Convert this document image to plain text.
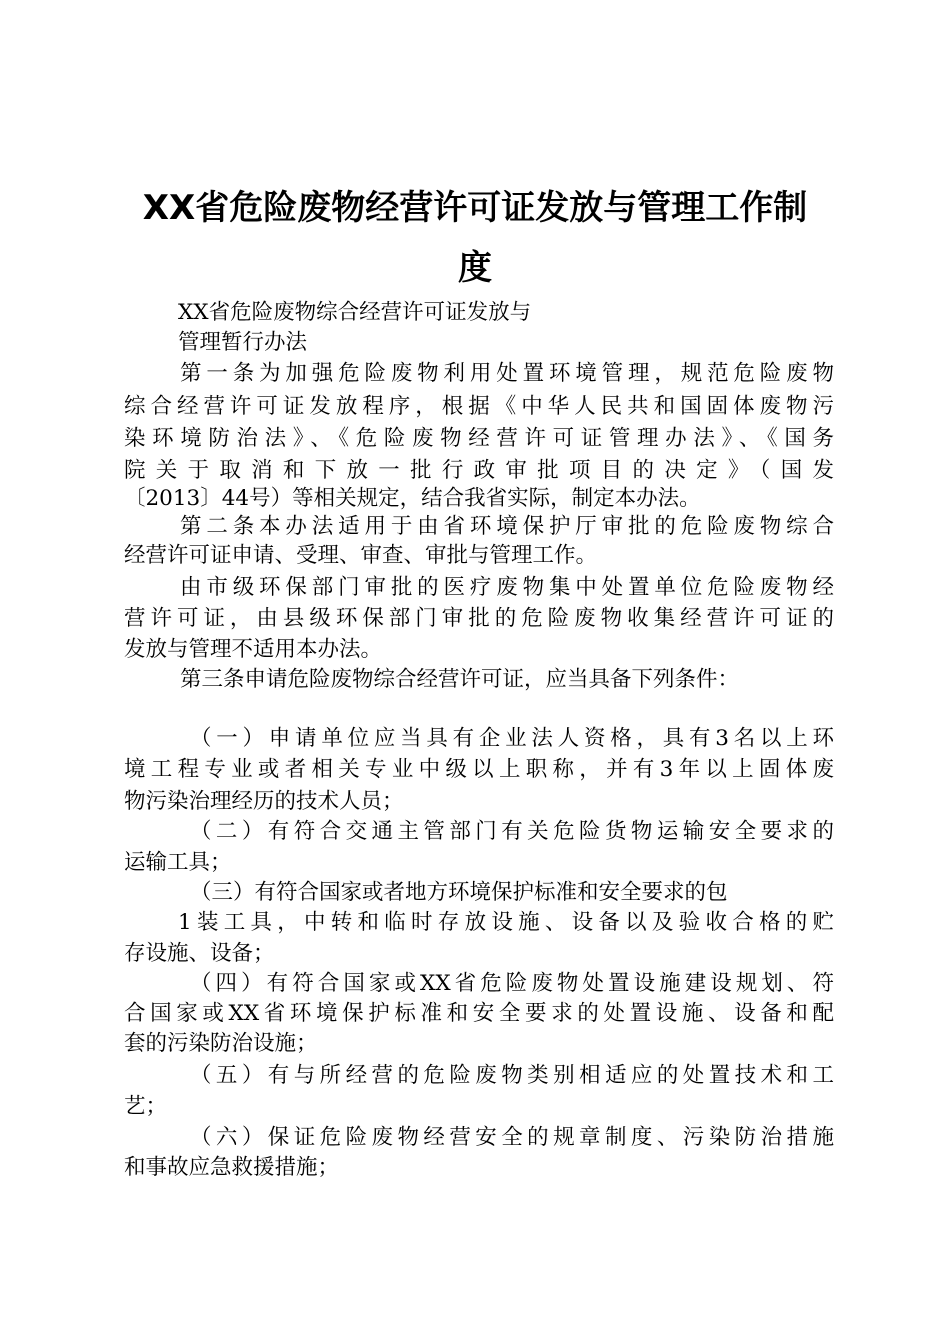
XX省危险废物经营许可证发放与管理工作制
度

XX省危险废物综合经营许可证发放与

管理暂行办法

第一条为加强危险废物利用处置环境管理，规范危险废物

综合经营许可证发放程序，根据《中华人民共和国固体废物污

染环境防治法》、《危险废物经营许可证管理办法》、《国务

院关于取消和下放一批行政审批项目的决定》（国发

〔2013〕44号）等相关规定，结合我省实际，制定本办法。

第二条本办法适用于由省环境保护厅审批的危险废物综合

经营许可证申请、受理、审查、审批与管理工作。

由市级环保部门审批的医疗废物集中处置单位危险废物经

营许可证，由县级环保部门审批的危险废物收集经营许可证的

发放与管理不适用本办法。

第三条申请危险废物综合经营许可证，应当具备下列条件：

（一）申请单位应当具有企业法人资格，具有3名以上环

境工程专业或者相关专业中级以上职称，并有3年以上固体废

物污染治理经历的技术人员；

（二）有符合交通主管部门有关危险货物运输安全要求的

运输工具；

（三）有符合国家或者地方环境保护标准和安全要求的包

1装工具，中转和临时存放设施、设备以及验收合格的贮

存设施、设备；

（四）有符合国家或XX省危险废物处置设施建设规划、符

合国家或XX省环境保护标准和安全要求的处置设施、设备和配

套的污染防治设施；

（五）有与所经营的危险废物类别相适应的处置技术和工

艺；

（六）保证危险废物经营安全的规章制度、污染防治措施

和事故应急救援措施；
